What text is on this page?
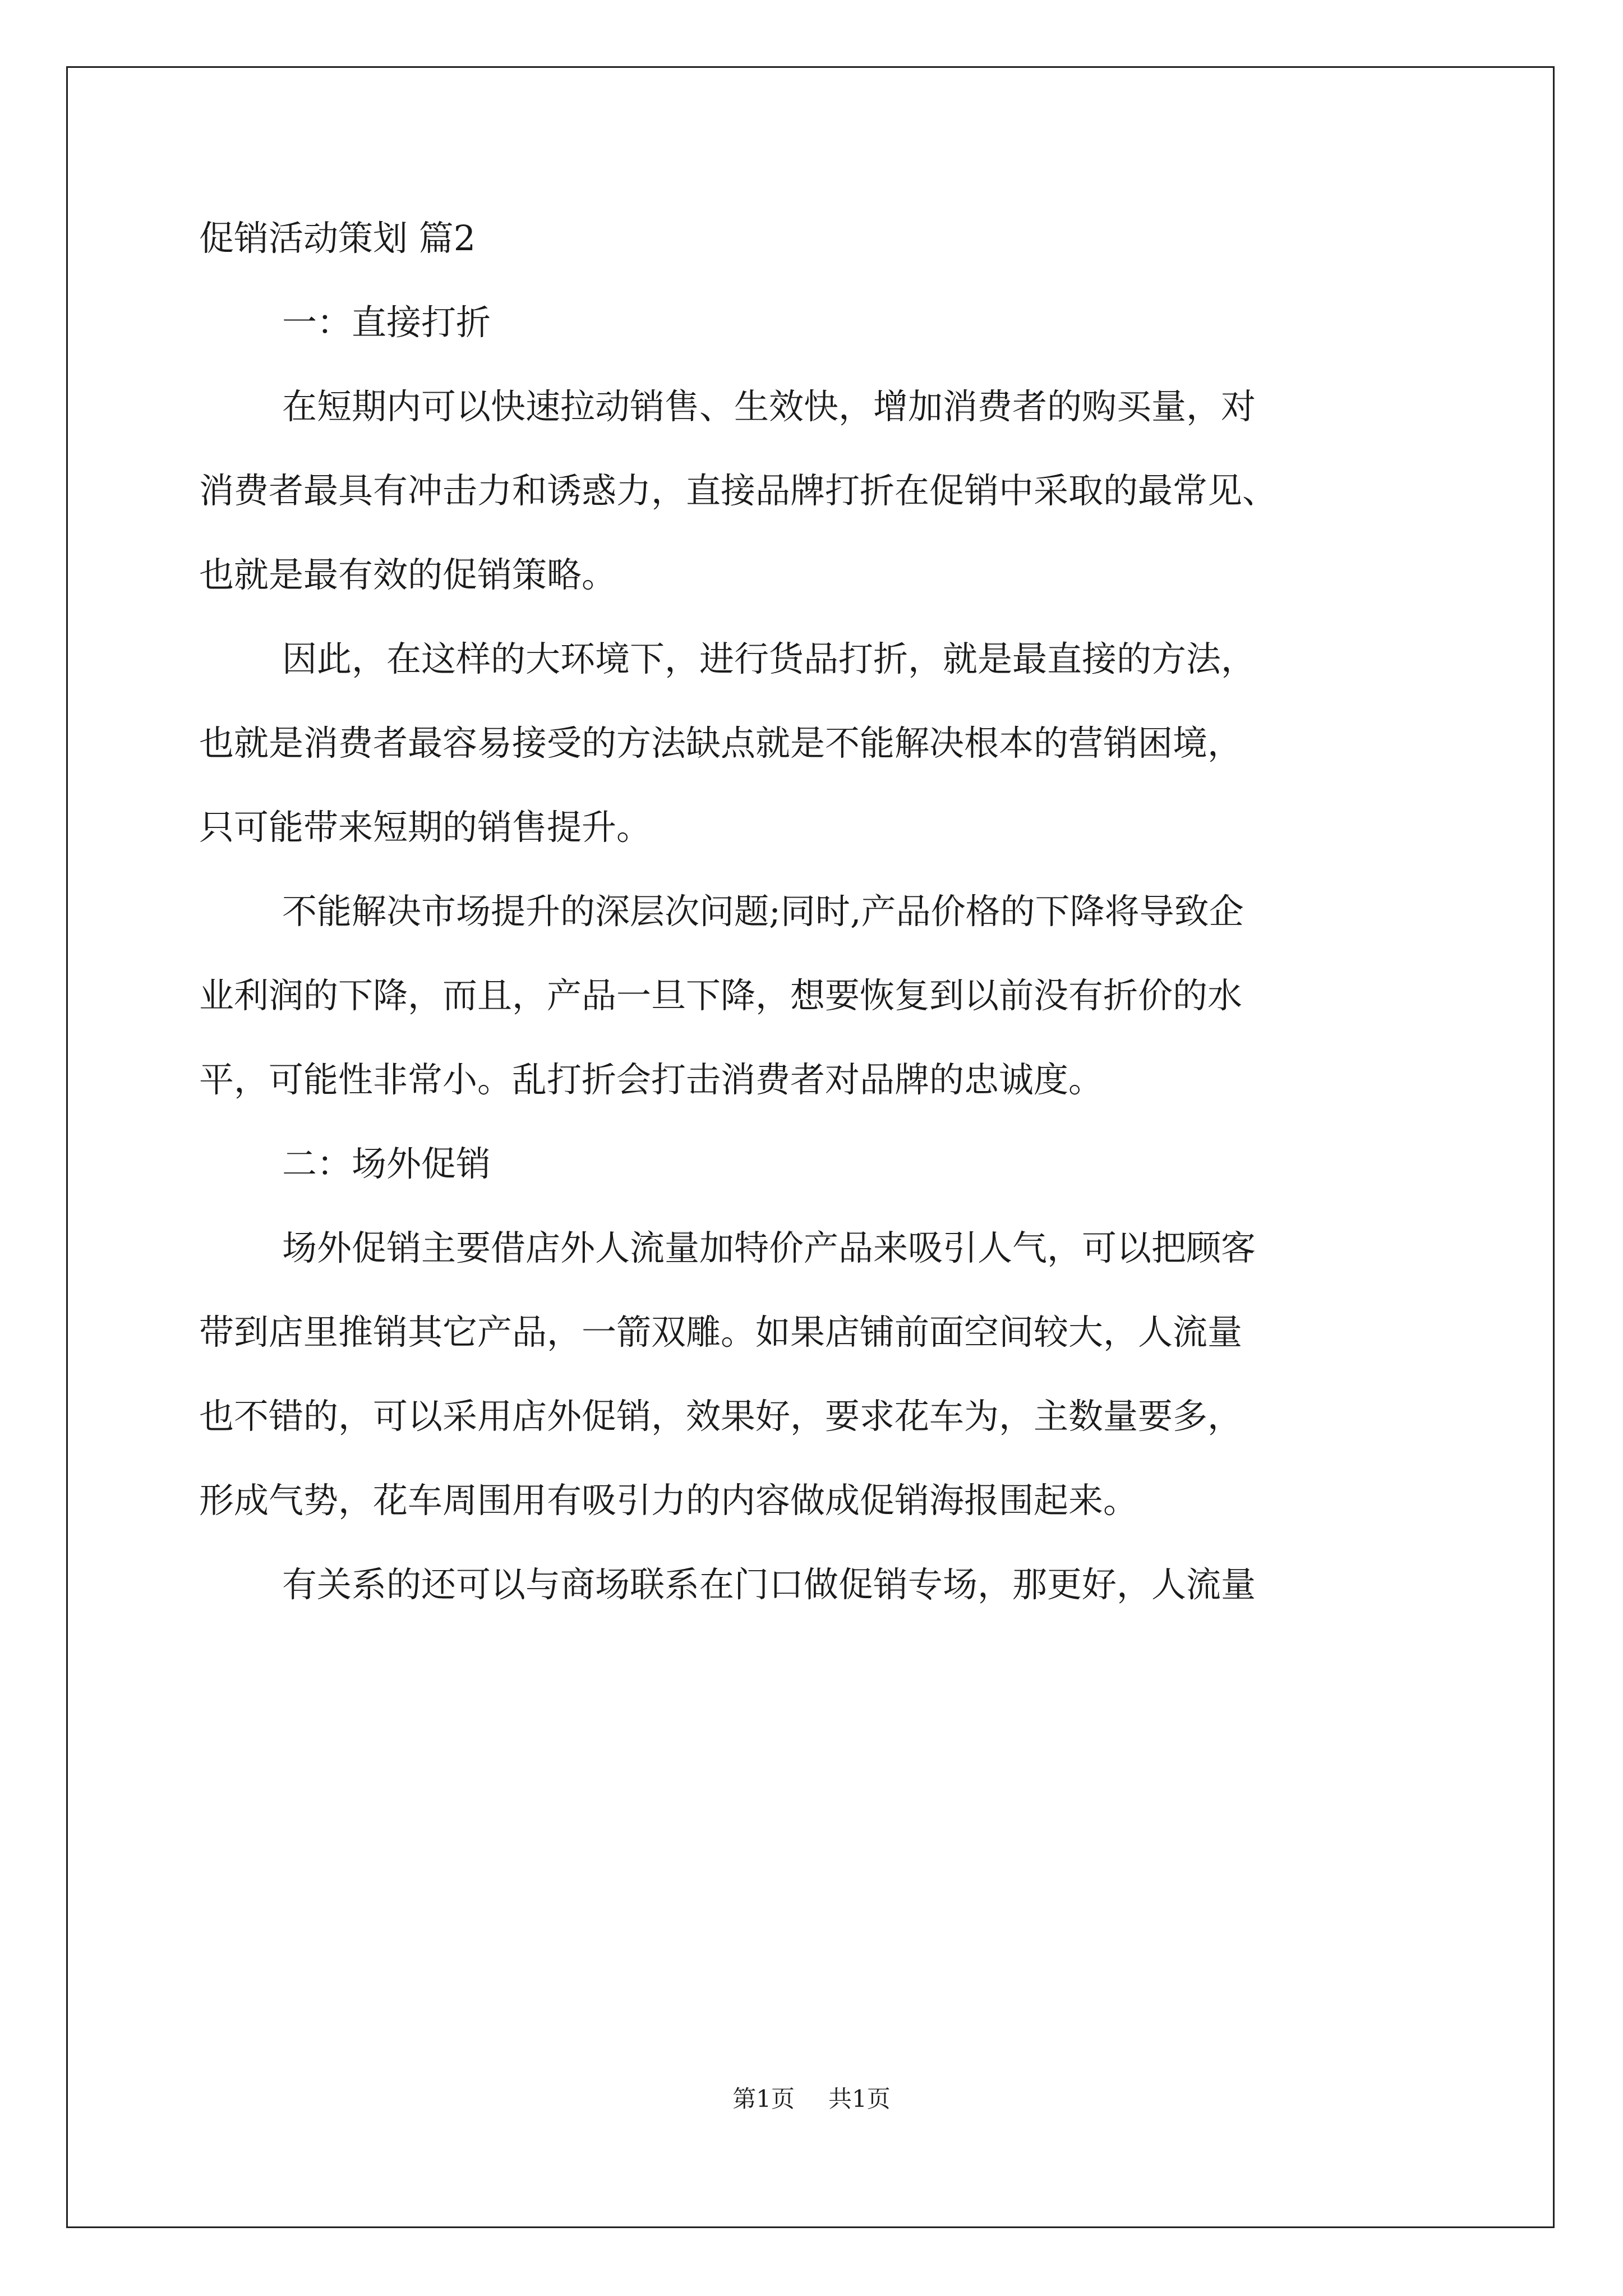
促销活动策划 篇2
一：直接打折
在短期内可以快速拉动销售、生效快，增加消费者的购买量，对
消费者最具有冲击力和诱惑力，直接品牌打折在促销中采取的最常见、
也就是最有效的促销策略。
因此，在这样的大环境下，进行货品打折，就是最直接的方法，
也就是消费者最容易接受的方法缺点就是不能解决根本的营销困境，
只可能带来短期的销售提升。
不能解决市场提升的深层次问题;同时,产品价格的下降将导致企
业利润的下降，而且，产品一旦下降，想要恢复到以前没有折价的水
平，可能性非常小。乱打折会打击消费者对品牌的忠诚度。
二：场外促销
场外促销主要借店外人流量加特价产品来吸引人气，可以把顾客
带到店里推销其它产品，一箭双雕。如果店铺前面空间较大，人流量
也不错的，可以采用店外促销，效果好，要求花车为，主数量要多，
形成气势，花车周围用有吸引力的内容做成促销海报围起来。
有关系的还可以与商场联系在门口做促销专场，那更好，人流量
第1页 共1页
